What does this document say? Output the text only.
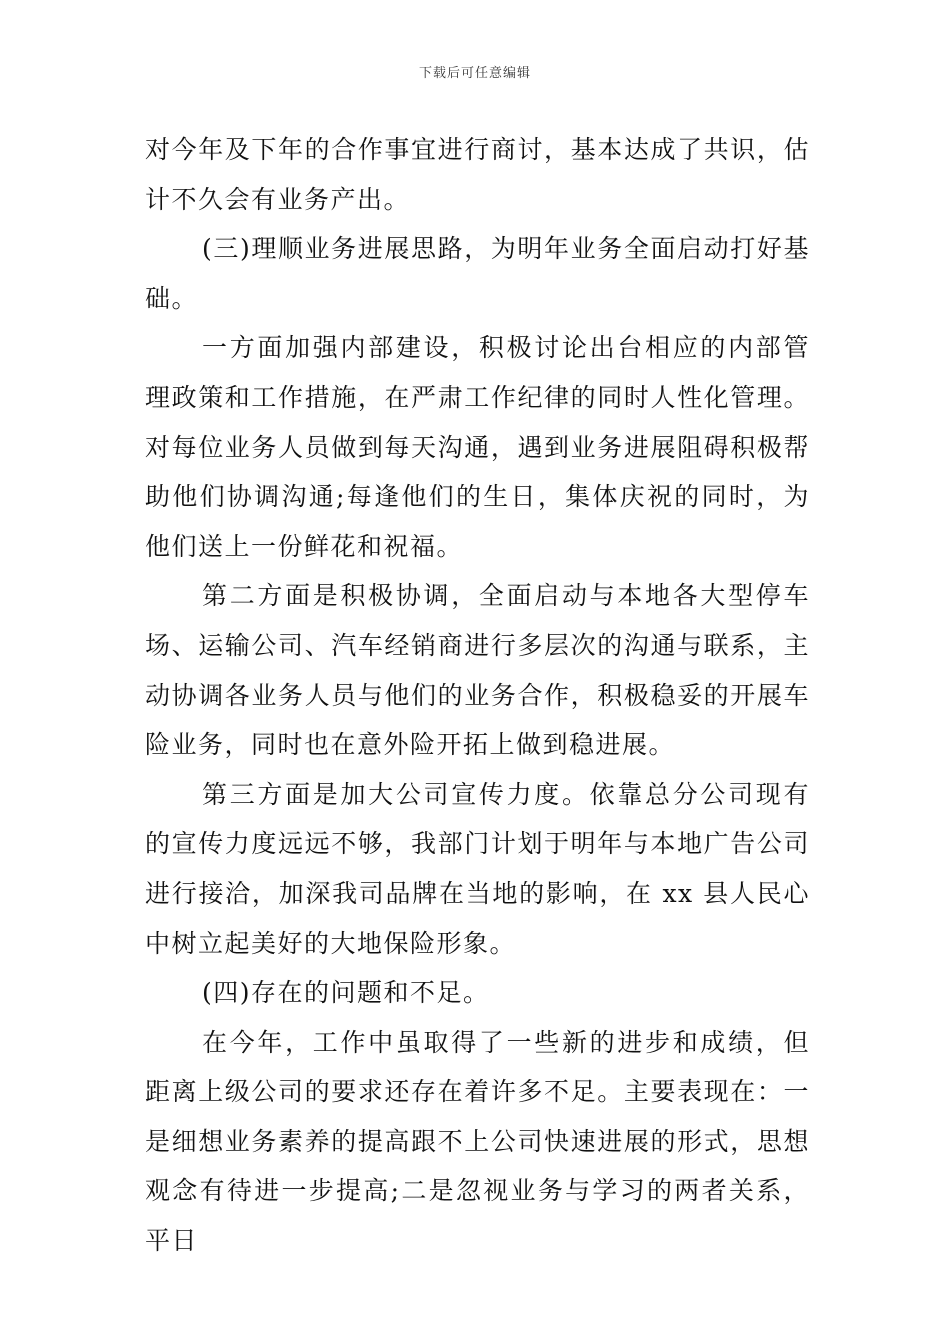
下载后可任意编辑

对今年及下年的合作事宜进行商讨，基本达成了共识，估计不久会有业务产出。

(三)理顺业务进展思路，为明年业务全面启动打好基础。

一方面加强内部建设，积极讨论出台相应的内部管理政策和工作措施，在严肃工作纪律的同时人性化管理。对每位业务人员做到每天沟通，遇到业务进展阻碍积极帮助他们协调沟通;每逢他们的生日，集体庆祝的同时，为他们送上一份鲜花和祝福。

第二方面是积极协调，全面启动与本地各大型停车场、运输公司、汽车经销商进行多层次的沟通与联系，主动协调各业务人员与他们的业务合作，积极稳妥的开展车险业务，同时也在意外险开拓上做到稳进展。

第三方面是加大公司宣传力度。依靠总分公司现有的宣传力度远远不够，我部门计划于明年与本地广告公司进行接洽，加深我司品牌在当地的影响，在 xx 县人民心中树立起美好的大地保险形象。

(四)存在的问题和不足。

在今年，工作中虽取得了一些新的进步和成绩，但距离上级公司的要求还存在着许多不足。主要表现在：一是细想业务素养的提高跟不上公司快速进展的形式，思想观念有待进一步提高;二是忽视业务与学习的两者关系，平日
